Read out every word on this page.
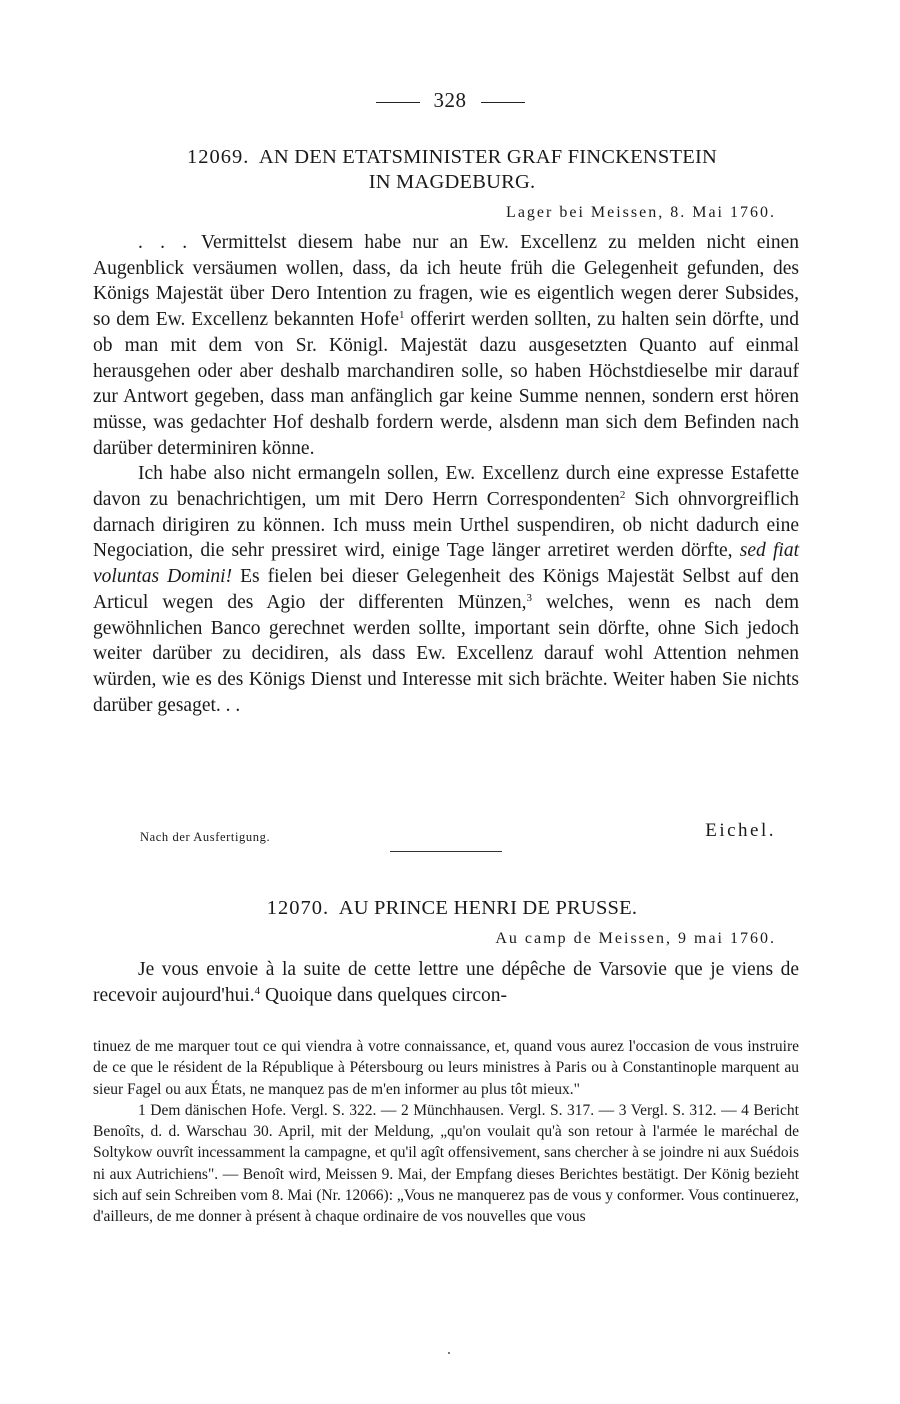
328
12069. AN DEN ETATSMINISTER GRAF FINCKENSTEIN
IN MAGDEBURG.
Lager bei Meissen, 8. Mai 1760.

. . . Vermittelst diesem habe nur an Ew. Excellenz zu melden nicht einen Augenblick versäumen wollen, dass, da ich heute früh die Gelegenheit gefunden, des Königs Majestät über Dero Intention zu fragen, wie es eigentlich wegen derer Subsides, so dem Ew. Excellenz bekannten Hofe$^1$ offerirt werden sollten, zu halten sein dörfte, und ob man mit dem von Sr. Königl. Majestät dazu ausgesetzten Quanto auf einmal herausgehen oder aber deshalb marchandiren solle, so haben Höchstdieselbe mir darauf zur Antwort gegeben, dass man anfänglich gar keine Summe nennen, sondern erst hören müsse, was gedachter Hof deshalb fordern werde, alsdenn man sich dem Befinden nach darüber determiniren könne.

Ich habe also nicht ermangeln sollen, Ew. Excellenz durch eine expresse Estafette davon zu benachrichtigen, um mit Dero Herrn Correspondenten$^2$ Sich ohnvorgreiflich darnach dirigiren zu können. Ich muss mein Urthel suspendiren, ob nicht dadurch eine Negociation, die sehr pressiret wird, einige Tage länger arretiret werden dörfte, sed fiat voluntas Domini! Es fielen bei dieser Gelegenheit des Königs Majestät Selbst auf den Articul wegen des Agio der differenten Münzen,$^3$ welches, wenn es nach dem gewöhnlichen Banco gerechnet werden sollte, important sein dörfte, ohne Sich jedoch weiter darüber zu decidiren, als dass Ew. Excellenz darauf wohl Attention nehmen würden, wie es des Königs Dienst und Interesse mit sich brächte. Weiter haben Sie nichts darüber gesaget. . .

Nach der Ausfertigung.	Eichel.
12070. AU PRINCE HENRI DE PRUSSE.
Au camp de Meissen, 9 mai 1760.

Je vous envoie à la suite de cette lettre une dépêche de Varsovie que je viens de recevoir aujourd'hui.$^4$ Quoique dans quelques circon-

tinuez de me marquer tout ce qui viendra à votre connaissance, et, quand vous aurez l'occasion de vous instruire de ce que le résident de la République à Pétersbourg ou leurs ministres à Paris ou à Constantinople marquent au sieur Fagel ou aux États, ne manquez pas de m'en informer au plus tôt mieux."

1 Dem dänischen Hofe. Vergl. S. 322. — 2 Münchhausen. Vergl. S. 317. — 3 Vergl. S. 312. — 4 Bericht Benoîts, d. d. Warschau 30. April, mit der Meldung, „qu'on voulait qu'à son retour à l'armée le maréchal de Soltykow ouvrît incessamment la campagne, et qu'il agît offensivement, sans chercher à se joindre ni aux Suédois ni aux Autrichiens". — Benoît wird, Meissen 9. Mai, der Empfang dieses Berichtes bestätigt. Der König bezieht sich auf sein Schreiben vom 8. Mai (Nr. 12066): „Vous ne manquerez pas de vous y conformer. Vous continuerez, d'ailleurs, de me donner à présent à chaque ordinaire de vos nouvelles que vous
